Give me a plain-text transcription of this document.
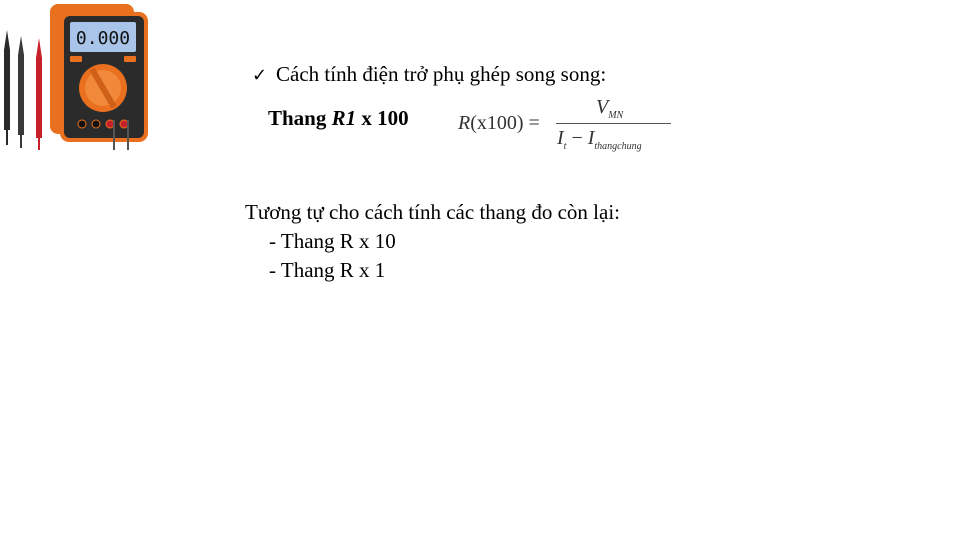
0.000
✓ Cách tính điện trở phụ ghép song song:
Thang R1 x 100 R(x100) =
$V_{MN}$
$I_t - I_{thangchung}$
Tương tự cho cách tính các thang đo còn lại:
- Thang R x 10
- Thang R x 1
